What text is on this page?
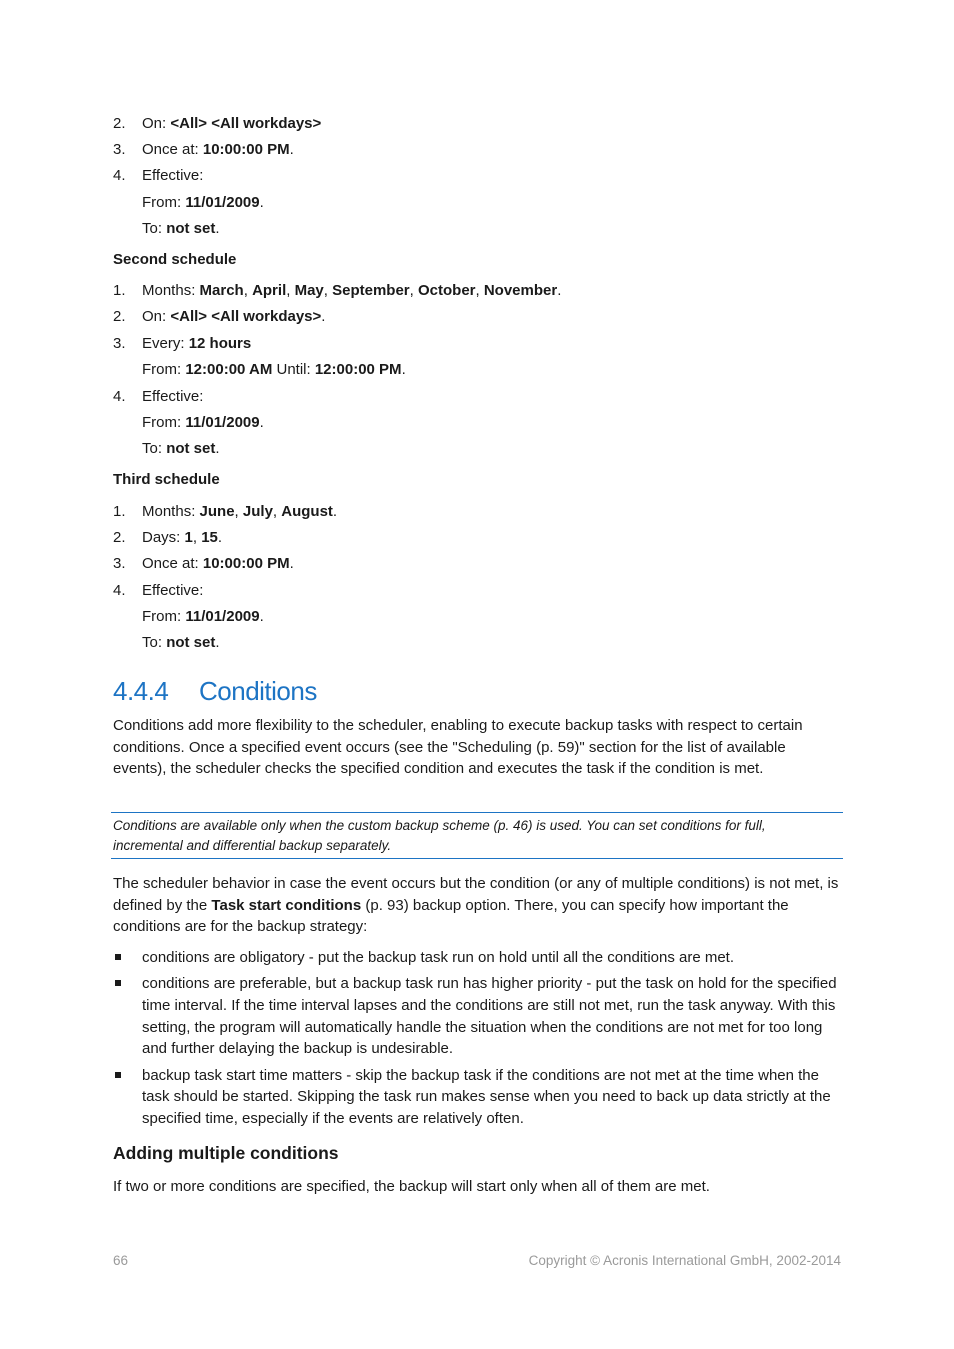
2.	On: <All> <All workdays>
3.	Once at: 10:00:00 PM.
4.	Effective:
From: 11/01/2009.
To: not set.
Second schedule
1.	Months: March, April, May, September, October, November.
2.	On: <All> <All workdays>.
3.	Every: 12 hours
From: 12:00:00 AM Until: 12:00:00 PM.
4.	Effective:
From: 11/01/2009.
To: not set.
Third schedule
1.	Months: June, July, August.
2.	Days: 1, 15.
3.	Once at: 10:00:00 PM.
4.	Effective:
From: 11/01/2009.
To: not set.
4.4.4 Conditions
Conditions add more flexibility to the scheduler, enabling to execute backup tasks with respect to certain conditions. Once a specified event occurs (see the "Scheduling (p. 59)" section for the list of available events), the scheduler checks the specified condition and executes the task if the condition is met.
Conditions are available only when the custom backup scheme (p. 46) is used. You can set conditions for full, incremental and differential backup separately.
The scheduler behavior in case the event occurs but the condition (or any of multiple conditions) is not met, is defined by the Task start conditions (p. 93) backup option. There, you can specify how important the conditions are for the backup strategy:
conditions are obligatory - put the backup task run on hold until all the conditions are met.
conditions are preferable, but a backup task run has higher priority - put the task on hold for the specified time interval. If the time interval lapses and the conditions are still not met, run the task anyway. With this setting, the program will automatically handle the situation when the conditions are not met for too long and further delaying the backup is undesirable.
backup task start time matters - skip the backup task if the conditions are not met at the time when the task should be started. Skipping the task run makes sense when you need to back up data strictly at the specified time, especially if the events are relatively often.
Adding multiple conditions
If two or more conditions are specified, the backup will start only when all of them are met.
66	Copyright © Acronis International GmbH, 2002-2014
